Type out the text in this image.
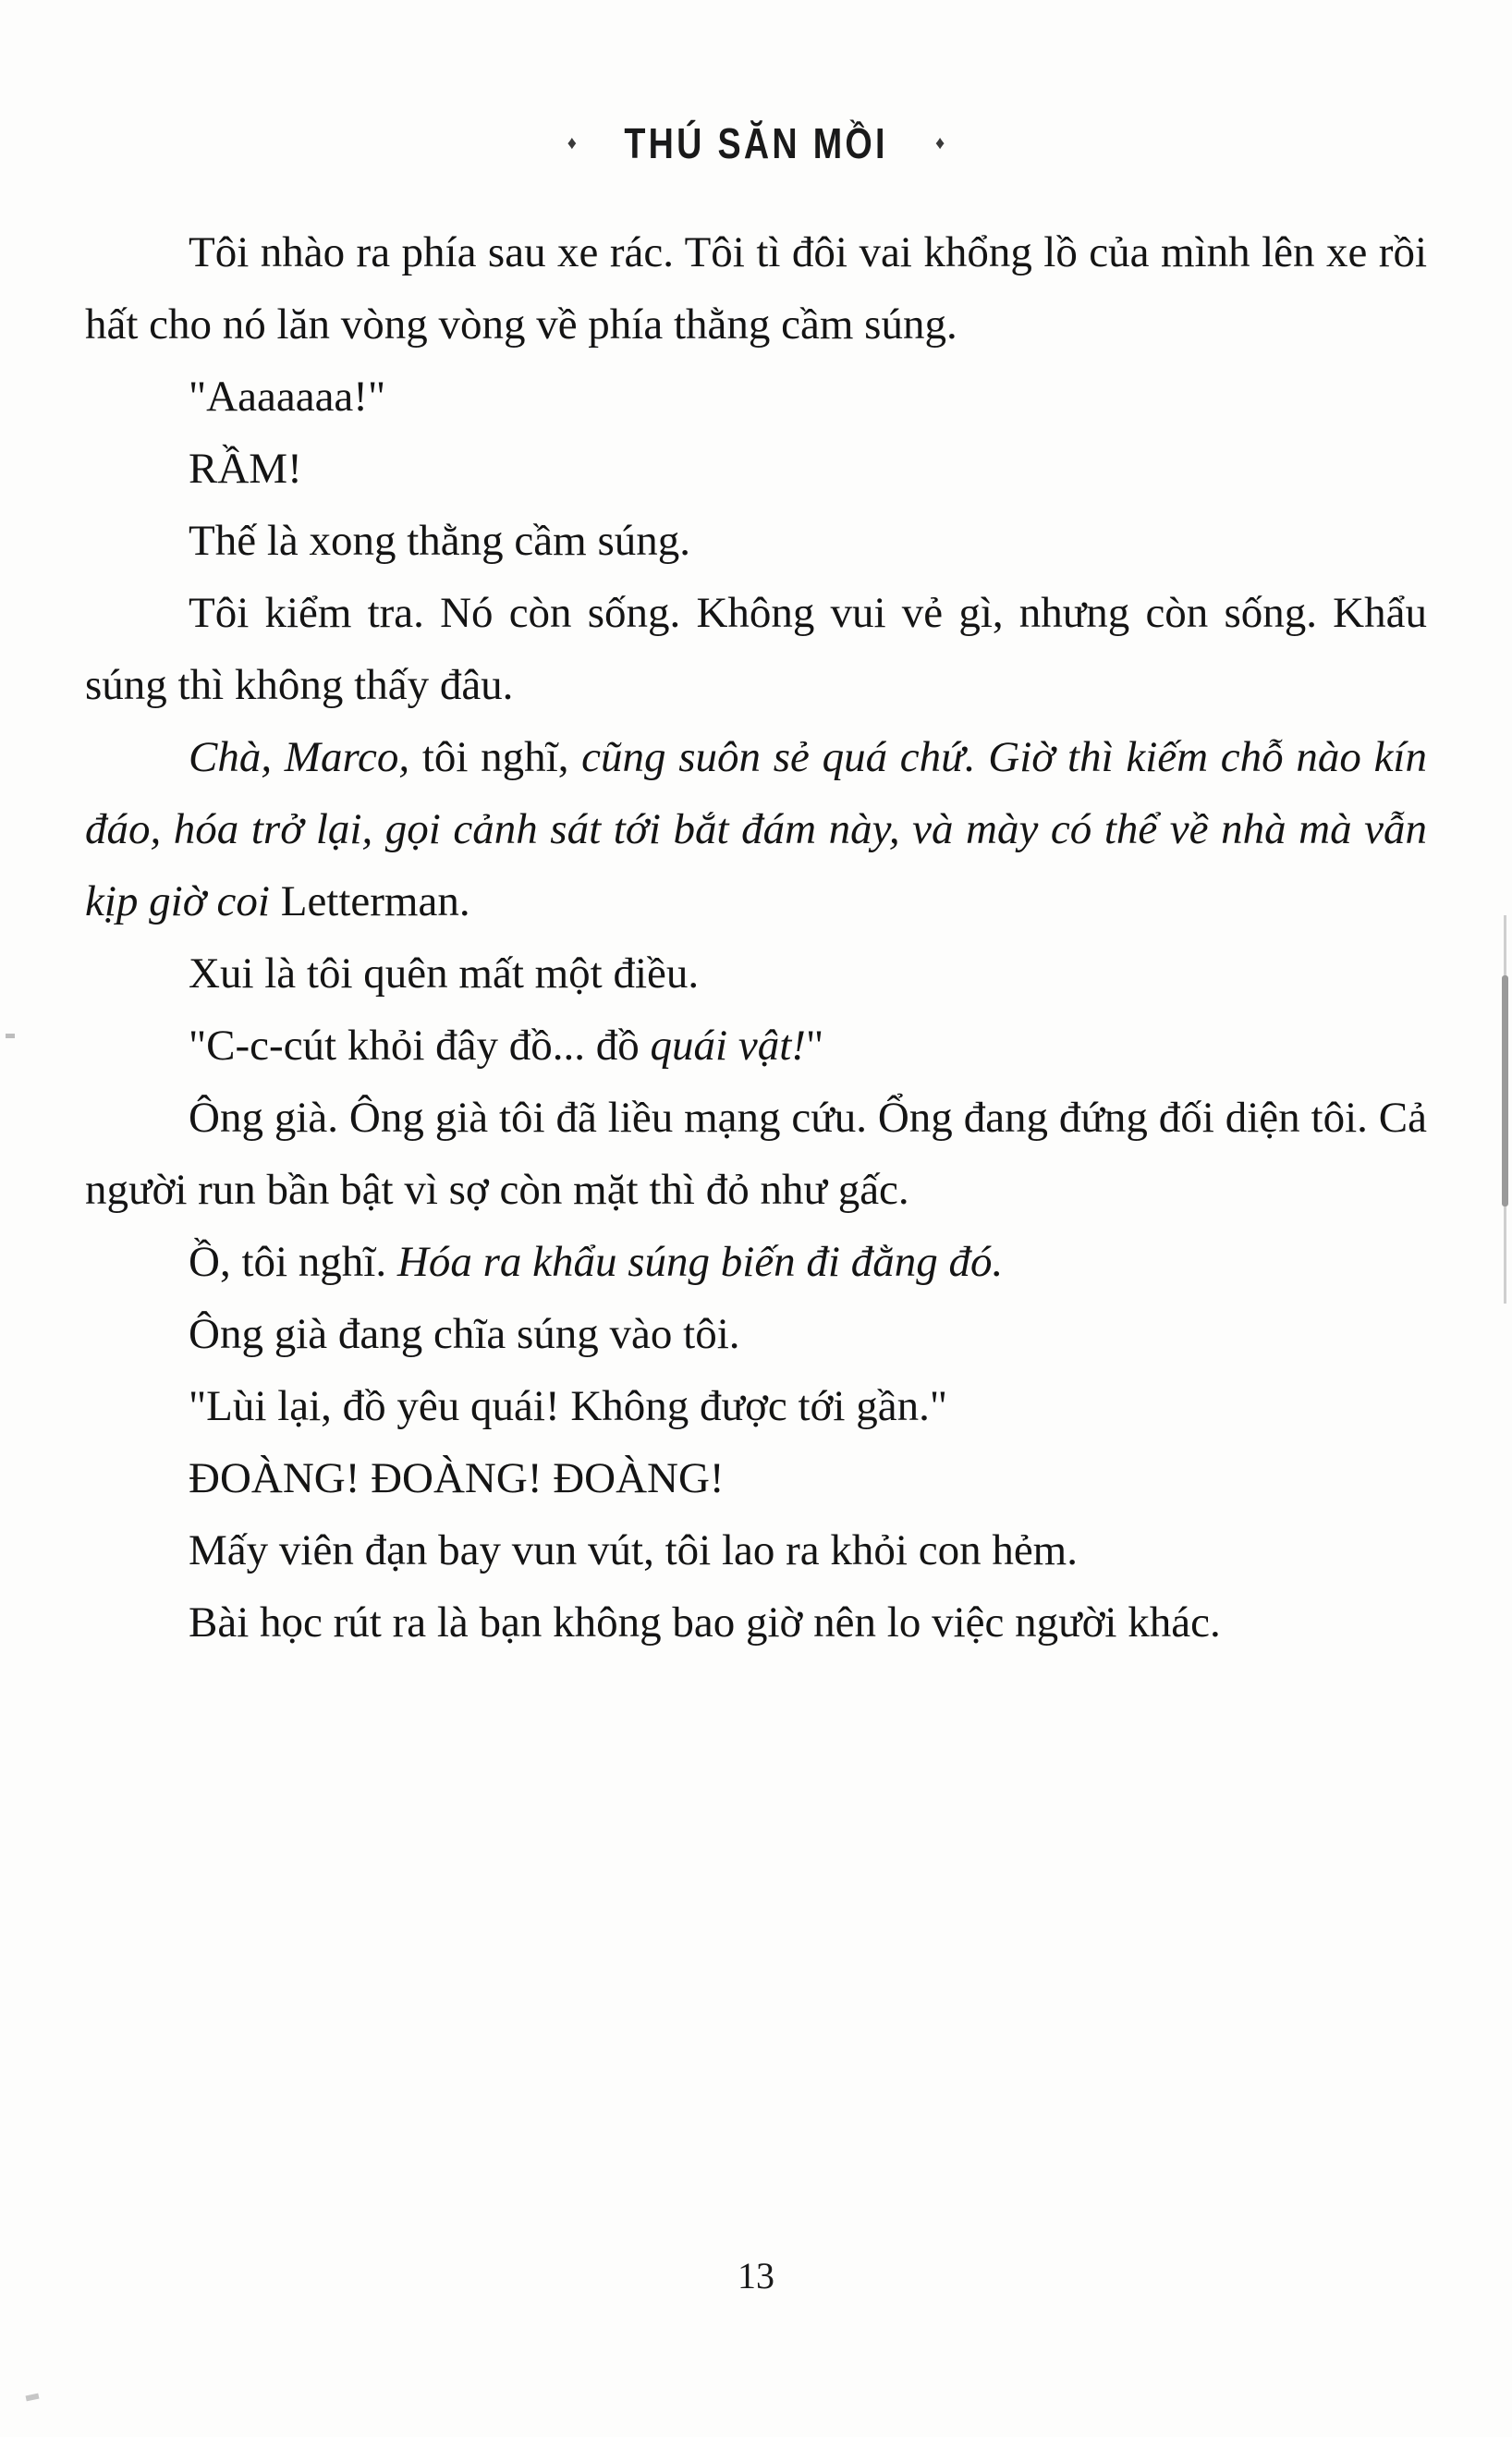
♦ THÚ SĂN MỒI	♦

Tôi nhào ra phía sau xe rác. Tôi tì đôi vai khổng lồ của mình lên xe rồi hất cho nó lăn vòng vòng về phía thằng cầm súng.

"Aaaaaaa!"

RẦM!

Thế là xong thằng cầm súng.

Tôi kiểm tra. Nó còn sống. Không vui vẻ gì, nhưng còn sống. Khẩu súng thì không thấy đâu.

Chà, Marco, tôi nghĩ, cũng suôn sẻ quá chứ. Giờ thì kiếm chỗ nào kín đáo, hóa trở lại, gọi cảnh sát tới bắt đám này, và mày có thể về nhà mà vẫn kịp giờ coi Letterman.

Xui là tôi quên mất một điều.

"C-c-cút khỏi đây đồ... đồ quái vật!"

Ông già. Ông già tôi đã liều mạng cứu. Ổng đang đứng đối diện tôi. Cả người run bần bật vì sợ còn mặt thì đỏ như gấc.

Ồ, tôi nghĩ. Hóa ra khẩu súng biến đi đằng đó.

Ông già đang chĩa súng vào tôi.

"Lùi lại, đồ yêu quái! Không được tới gần."

ĐOÀNG! ĐOÀNG! ĐOÀNG!

Mấy viên đạn bay vun vút, tôi lao ra khỏi con hẻm.

Bài học rút ra là bạn không bao giờ nên lo việc người khác.

13
